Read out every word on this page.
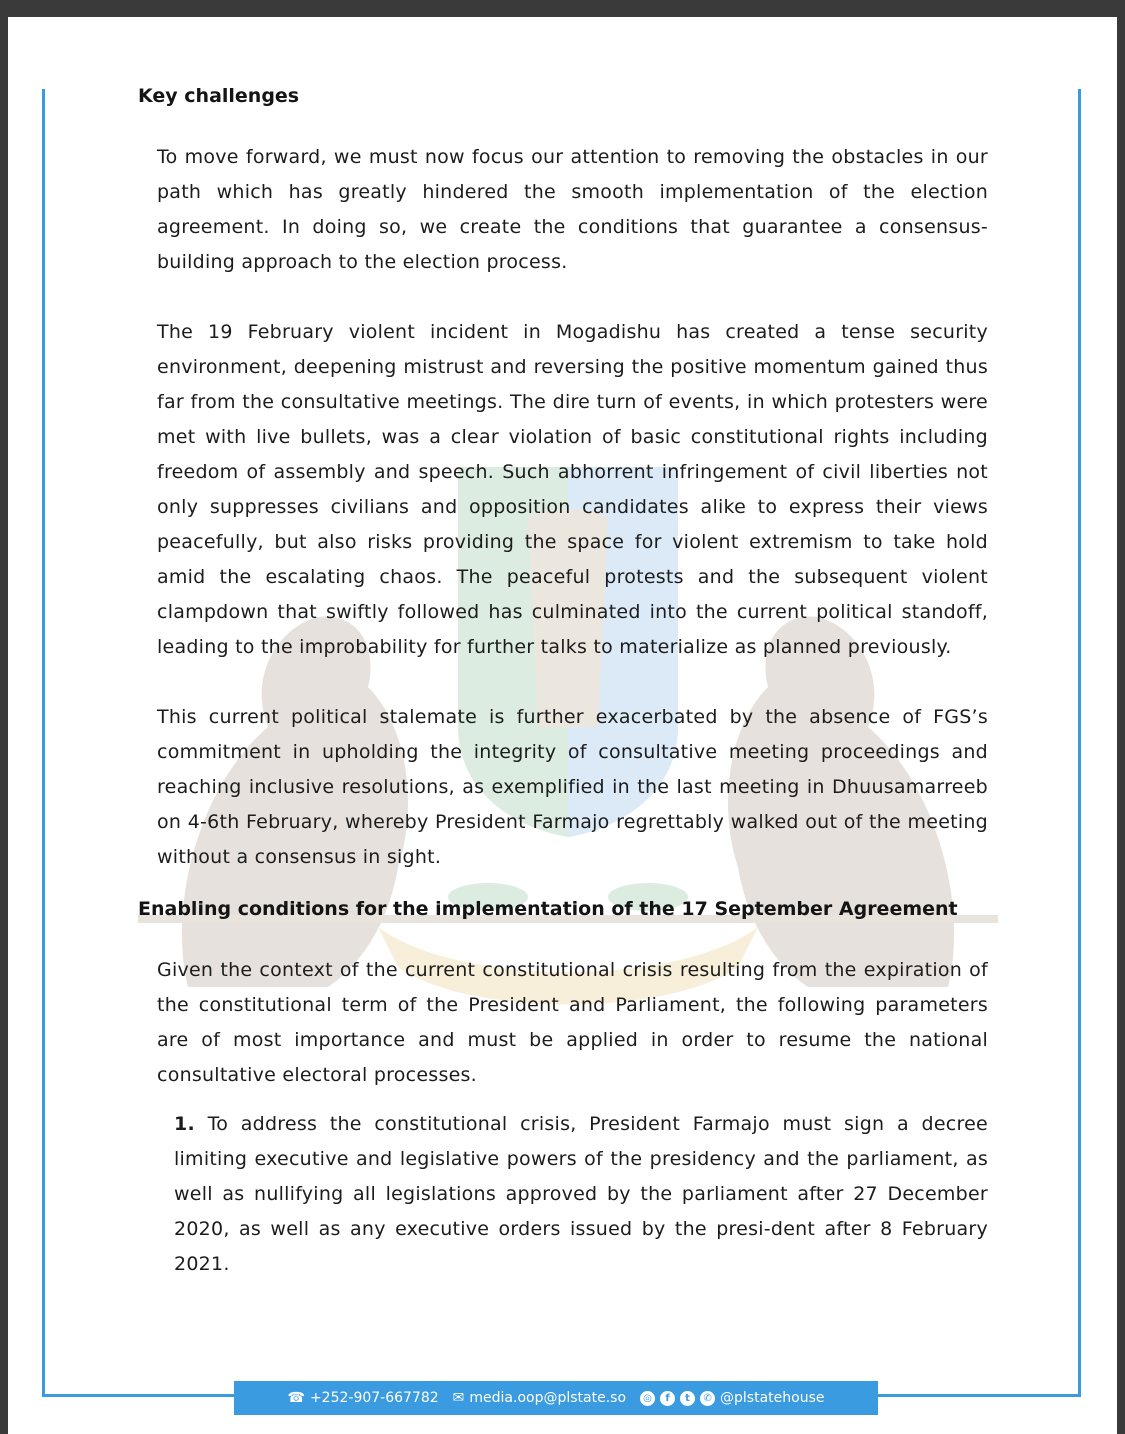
Key challenges

To move forward, we must now focus our attention to removing the obstacles in our path which has greatly hindered the smooth implementation of the election agreement. In doing so, we create the conditions that guarantee a consensus-building approach to the election process.

The 19 February violent incident in Mogadishu has created a tense security environment, deepening mistrust and reversing the positive momentum gained thus far from the consultative meetings. The dire turn of events, in which protesters were met with live bullets, was a clear violation of basic constitutional rights including freedom of assembly and speech. Such abhorrent infringement of civil liberties not only suppresses civilians and opposition candidates alike to express their views peacefully, but also risks providing the space for violent extremism to take hold amid the escalating chaos. The peaceful protests and the subsequent violent clampdown that swiftly followed has culminated into the current political standoff, leading to the improbability for further talks to materialize as planned previously.

This current political stalemate is further exacerbated by the absence of FGS’s commitment in upholding the integrity of consultative meeting proceedings and reaching inclusive resolutions, as exemplified in the last meeting in Dhuusamarreeb on 4-6th February, whereby President Farmajo regrettably walked out of the meeting without a consensus in sight.

Enabling conditions for the implementation of the 17 September Agreement

Given the context of the current constitutional crisis resulting from the expiration of the constitutional term of the President and Parliament, the following parameters are of most importance and must be applied in order to resume the national consultative electoral processes.

1. To address the constitutional crisis, President Farmajo must sign a decree limiting executive and legislative powers of the presidency and the parliament, as well as nullifying all legislations approved by the parliament after 27 December 2020, as well as any executive orders issued by the presi-dent after 8 February 2021.

☎ +252-907-667782 ✉ media.oop@plstate.so	◎	f	t	✆ @plstatehouse
